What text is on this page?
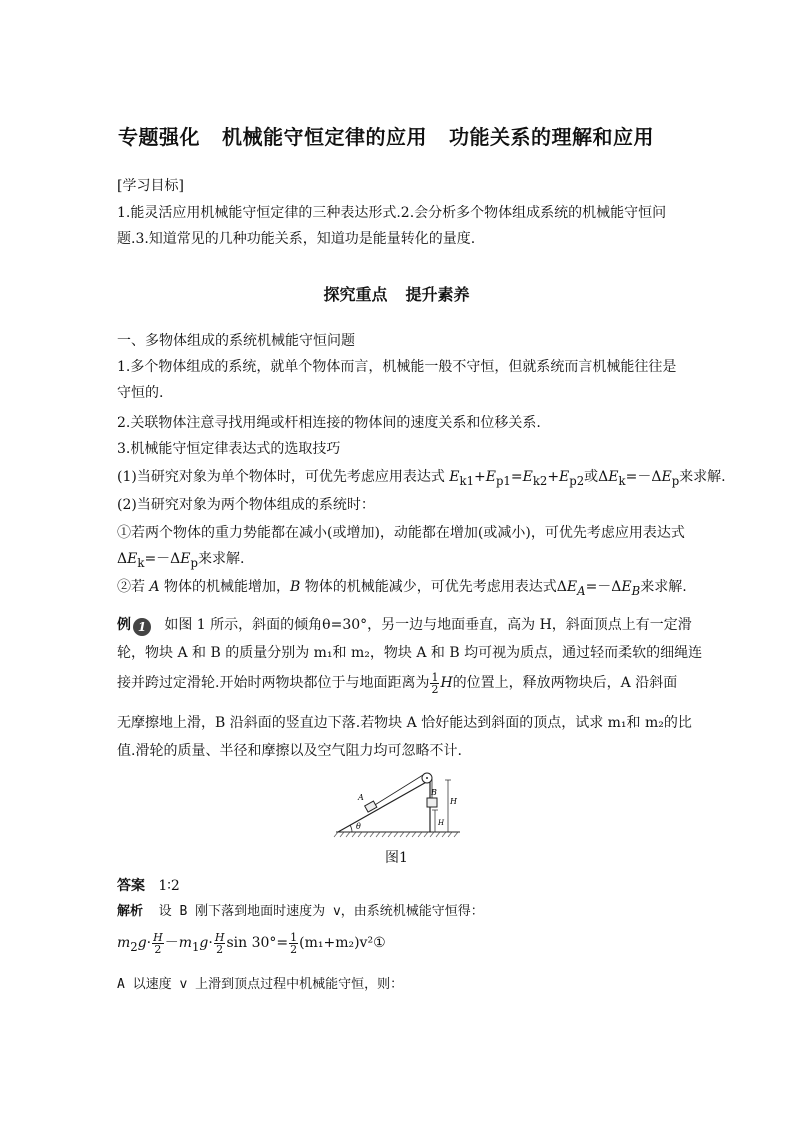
专题强化 机械能守恒定律的应用 功能关系的理解和应用
[学习目标]
1.能灵活应用机械能守恒定律的三种表达形式.2.会分析多个物体组成系统的机械能守恒问
题.3.知道常见的几种功能关系，知道功是能量转化的量度.
探究重点 提升素养
一、多物体组成的系统机械能守恒问题
1.多个物体组成的系统，就单个物体而言，机械能一般不守恒，但就系统而言机械能往往是
守恒的.
2.关联物体注意寻找用绳或杆相连接的物体间的速度关系和位移关系.
3.机械能守恒定律表达式的选取技巧
(1)当研究对象为单个物体时，可优先考虑应用表达式 $E_{k1}+E_{p1}=E_{k2}+E_{p2}$或$\Delta E_k=-\Delta E_p$来求解.
(2)当研究对象为两个物体组成的系统时：
①若两个物体的重力势能都在减小(或增加)，动能都在增加(或减小)，可优先考虑应用表达式
$\Delta E_k=-\Delta E_p$来求解.
②若 A 物体的机械能增加，B 物体的机械能减少，可优先考虑用表达式$\Delta E_A=-\Delta E_B$来求解.
例 1 如图 1 所示，斜面的倾角θ=30°，另一边与地面垂直，高为 H，斜面顶点上有一定滑
轮，物块 A 和 B 的质量分别为 m₁和 m₂，物块 A 和 B 均可视为质点，通过轻而柔软的细绳连
接并跨过定滑轮.开始时两物块都位于与地面距离为 $\frac{1}{2}$ H的位置上，释放两物块后，A 沿斜面
无摩擦地上滑，B 沿斜面的竖直边下落.若物块 A 恰好能达到斜面的顶点，试求 m₁和 m₂的比
值.滑轮的质量、半径和摩擦以及空气阻力均可忽略不计.
A
B
H
H
θ
图1
答案 1∶2
解析 设 B 刚下落到地面时速度为 v，由系统机械能守恒得：
$m_2g\cdot \frac{H}{2} -m_1g\cdot \frac{H}{2}$ $\sin 30^\circ= \frac{1}{2}$ (m₁+m₂)v²①
A 以速度 v 上滑到顶点过程中机械能守恒，则：
